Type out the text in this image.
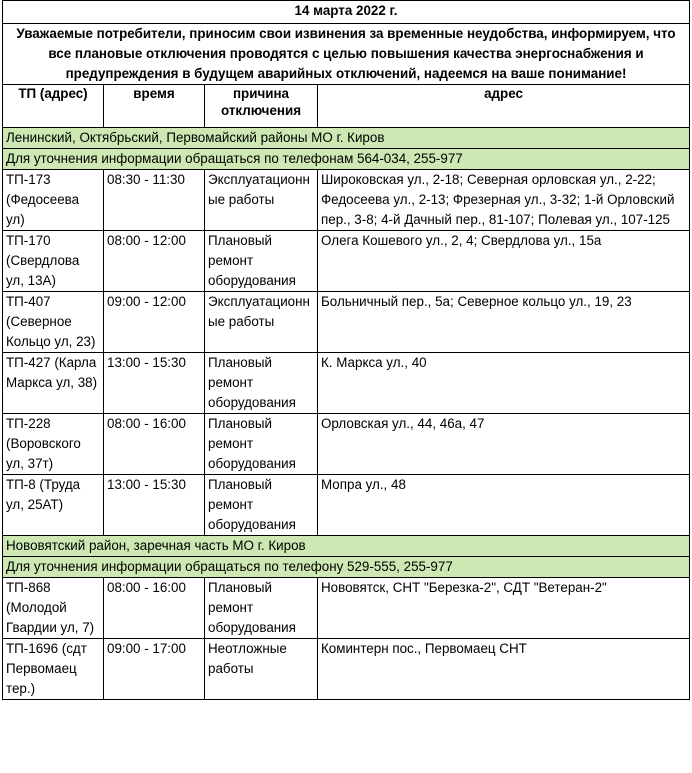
14 марта 2022 г.			
Уважаемые потребители, приносим свои извинения за временные неудобства, информируем, что все плановые отключения проводятся с целью повышения качества энергоснабжения и предупреждения в будущем аварийных отключений, надеемся на ваше понимание!			
ТП (адрес)	время	причина отключения	адрес
Ленинский, Октябрьский, Первомайский районы МО г. Киров			
Для уточнения информации обращаться по телефонам 564-034, 255-977			
ТП-173 (Федосеева ул)	08:30 - 11:30	Эксплуатационные работы	Широковская ул., 2-18; Северная орловская ул., 2-22; Федосеева ул., 2-13; Фрезерная ул., 3-32; 1-й Орловский пер., 3-8; 4-й Дачный пер., 81-107; Полевая ул., 107-125
ТП-170 (Свердлова ул, 13А)	08:00 - 12:00	Плановый ремонт оборудования	Олега Кошевого ул., 2, 4; Свердлова ул., 15а
ТП-407 (Северное Кольцо ул, 23)	09:00 - 12:00	Эксплуатационные работы	Больничный пер., 5а; Северное кольцо ул., 19, 23
ТП-427 (Карла Маркса ул, 38)	13:00 - 15:30	Плановый ремонт оборудования	К. Маркса ул., 40
ТП-228 (Воровского ул, 37т)	08:00 - 16:00	Плановый ремонт оборудования	Орловская ул., 44, 46а, 47
ТП-8 (Труда ул, 25АТ)	13:00 - 15:30	Плановый ремонт оборудования	Мопра ул., 48
Нововятский район, заречная часть МО г. Киров			
Для уточнения информации обращаться по телефону 529-555, 255-977			
ТП-868 (Молодой Гвардии ул, 7)	08:00 - 16:00	Плановый ремонт оборудования	Нововятск, СНТ "Березка-2", СДТ "Ветеран-2"
ТП-1696 (сдт Первомаец тер.)	09:00 - 17:00	Неотложные работы	Коминтерн пос., Первомаец СНТ
